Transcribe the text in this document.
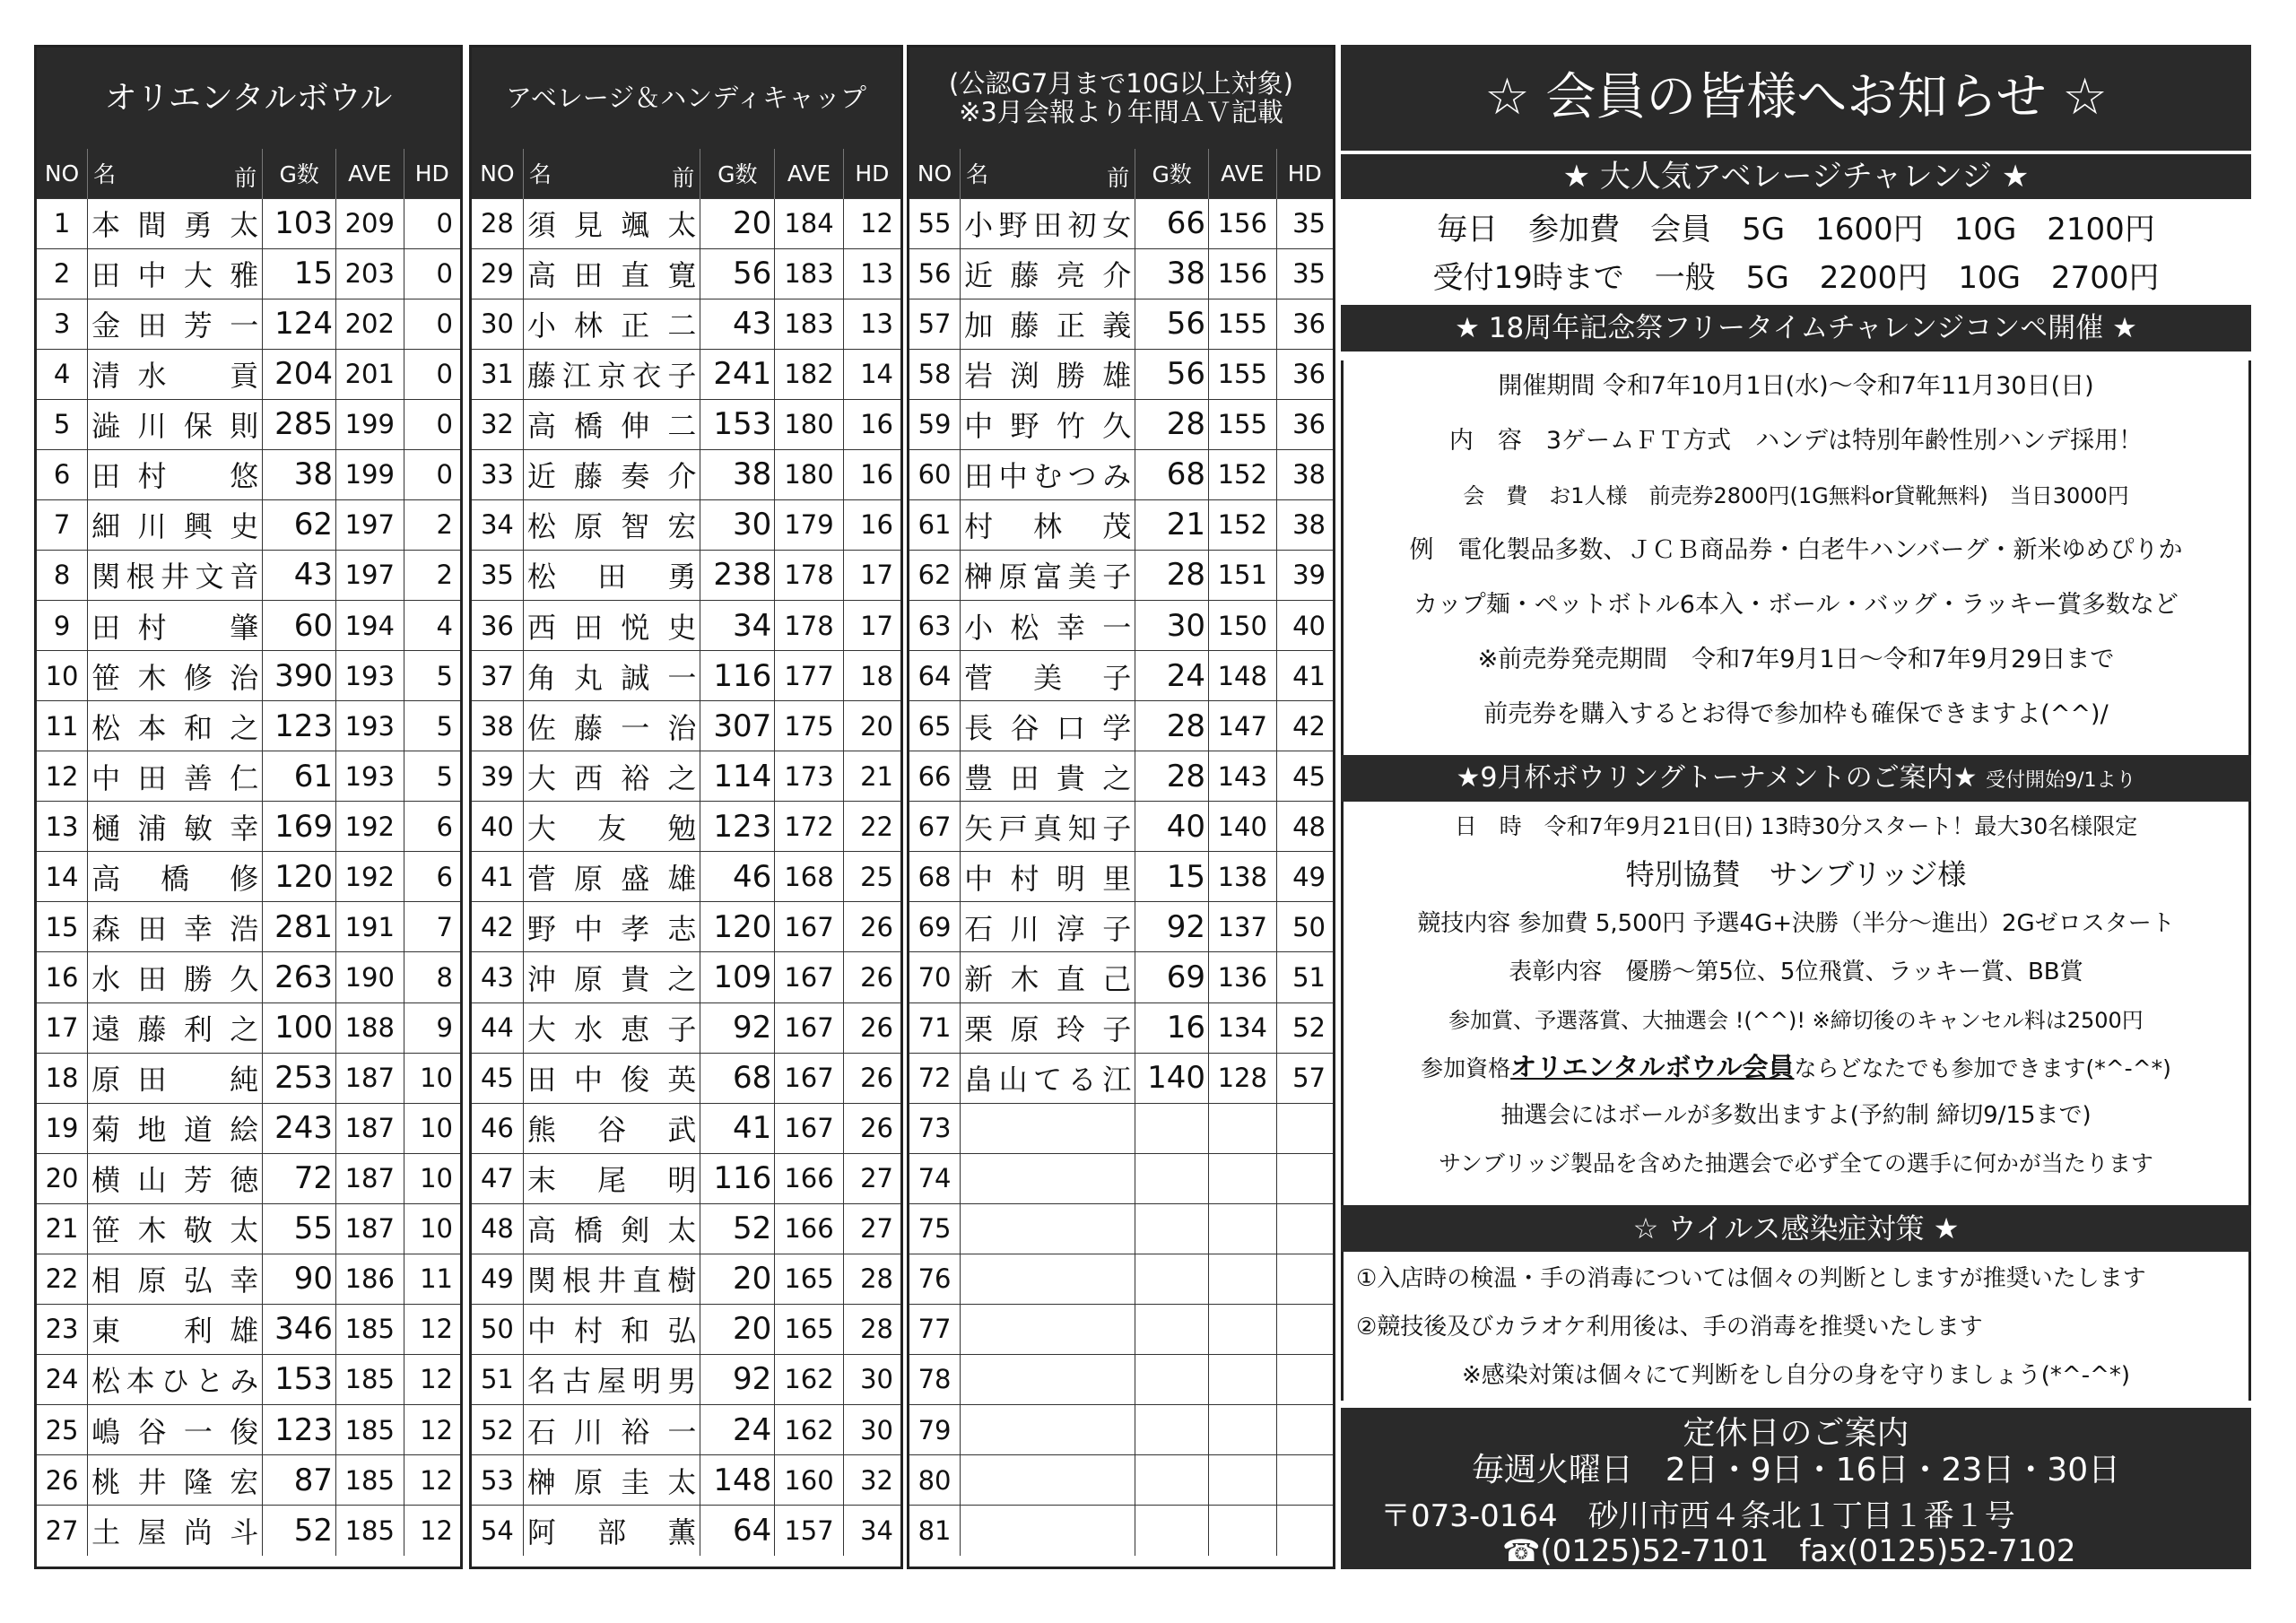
オリエンタルボウル
NO	名 前	G数	AVE	HD
1	本間勇太	103	209	0
2	田中大雅	15	203	0
3	金田芳一	124	202	0
4	清水　貢	204	201	0
5	澁川保則	285	199	0
6	田村　悠	38	199	0
7	細川興史	62	197	2
8	関根井文音	43	197	2
9	田村　肇	60	194	4
10	笹木修治	390	193	5
11	松本和之	123	193	5
12	中田善仁	61	193	5
13	樋浦敏幸	169	192	6
14	高　橋　修	120	192	6
15	森田幸浩	281	191	7
16	水田勝久	263	190	8
17	遠藤利之	100	188	9
18	原田　純	253	187	10
19	菊地道絵	243	187	10
20	横山芳徳	72	187	10
21	笹木敬太	55	187	10
22	相原弘幸	90	186	11
23	東　利雄	346	185	12
24	松本ひとみ	153	185	12
25	嶋谷一俊	123	185	12
26	桃井隆宏	87	185	12
27	土屋尚斗	52	185	12
アベレージ＆ハンディキャップ
NO	名 前	G数	AVE	HD
28	須見颯太	20	184	12
29	高田直寛	56	183	13
30	小林正二	43	183	13
31	藤江京衣子	241	182	14
32	高橋伸二	153	180	16
33	近藤奏介	38	180	16
34	松原智宏	30	179	16
35	松　田　勇	238	178	17
36	西田悦史	34	178	17
37	角丸誠一	116	177	18
38	佐藤一治	307	175	20
39	大西裕之	114	173	21
40	大　友　勉	123	172	22
41	菅原盛雄	46	168	25
42	野中孝志	120	167	26
43	沖原貴之	109	167	26
44	大水恵子	92	167	26
45	田中俊英	68	167	26
46	熊　谷　武	41	167	26
47	末　尾　明	116	166	27
48	高橋剣太	52	166	27
49	関根井直樹	20	165	28
50	中村和弘	20	165	28
51	名古屋明男	92	162	30
52	石川裕一	24	162	30
53	榊原圭太	148	160	32
54	阿　部　薫	64	157	34
(公認G7月まで10G以上対象)
※3月会報より年間ＡＶ記載
NO	名 前	G数	AVE	HD
55	小野田初女	66	156	35
56	近藤亮介	38	156	35
57	加藤正義	56	155	36
58	岩渕勝雄	56	155	36
59	中野竹久	28	155	36
60	田中むつみ	68	152	38
61	村　林　茂	21	152	38
62	榊原富美子	28	151	39
63	小松幸一	30	150	40
64	菅　美　子	24	148	41
65	長谷口学	28	147	42
66	豊田貴之	28	143	45
67	矢戸真知子	40	140	48
68	中村明里	15	138	49
69	石川淳子	92	137	50
70	新木直己	69	136	51
71	栗原玲子	16	134	52
72	畠山てる江	140	128	57
73				
74				
75				
76				
77				
78				
79				
80				
81				
☆ 会員の皆様へお知らせ ☆
★ 大人気アベレージチャレンジ ★
毎日　参加費　会員　5G　1600円　10G　2100円
受付19時まで　一般　5G　2200円　10G　2700円
★ 18周年記念祭フリータイムチャレンジコンペ開催 ★
開催期間 令和7年10月1日(水)～令和7年11月30日(日)
内　容　3ゲームＦＴ方式　ハンデは特別年齢性別ハンデ採用！
会　費　お1人様　前売券2800円(1G無料or貸靴無料)　当日3000円
例　電化製品多数、ＪＣＢ商品券・白老牛ハンバーグ・新米ゆめぴりか
カップ麺・ペットボトル6本入・ボール・バッグ・ラッキー賞多数など
※前売券発売期間　令和7年9月1日～令和7年9月29日まで
前売券を購入するとお得で参加枠も確保できますよ(^^)/
★9月杯ボウリングトーナメントのご案内★ 受付開始9/1より
日　時　令和7年9月21日(日) 13時30分スタート！最大30名様限定
特別協賛　サンブリッジ様
競技内容 参加費 5,500円 予選4G+決勝（半分～進出）2Gゼロスタート
表彰内容　優勝～第5位、5位飛賞、ラッキー賞、BB賞
参加賞、予選落賞、大抽選会 !(^^)! ※締切後のキャンセル料は2500円
参加資格オリエンタルボウル会員ならどなたでも参加できます(*^-^*)
抽選会にはボールが多数出ますよ(予約制 締切9/15まで)
サンブリッジ製品を含めた抽選会で必ず全ての選手に何かが当たります
☆ ウイルス感染症対策 ★
①入店時の検温・手の消毒については個々の判断としますが推奨いたします
②競技後及びカラオケ利用後は、手の消毒を推奨いたします
※感染対策は個々にて判断をし自分の身を守りましょう(*^-^*)
定休日のご案内
毎週火曜日　2日・9日・16日・23日・30日
〒073-0164　砂川市西４条北１丁目１番１号
☎(0125)52-7101　fax(0125)52-7102
